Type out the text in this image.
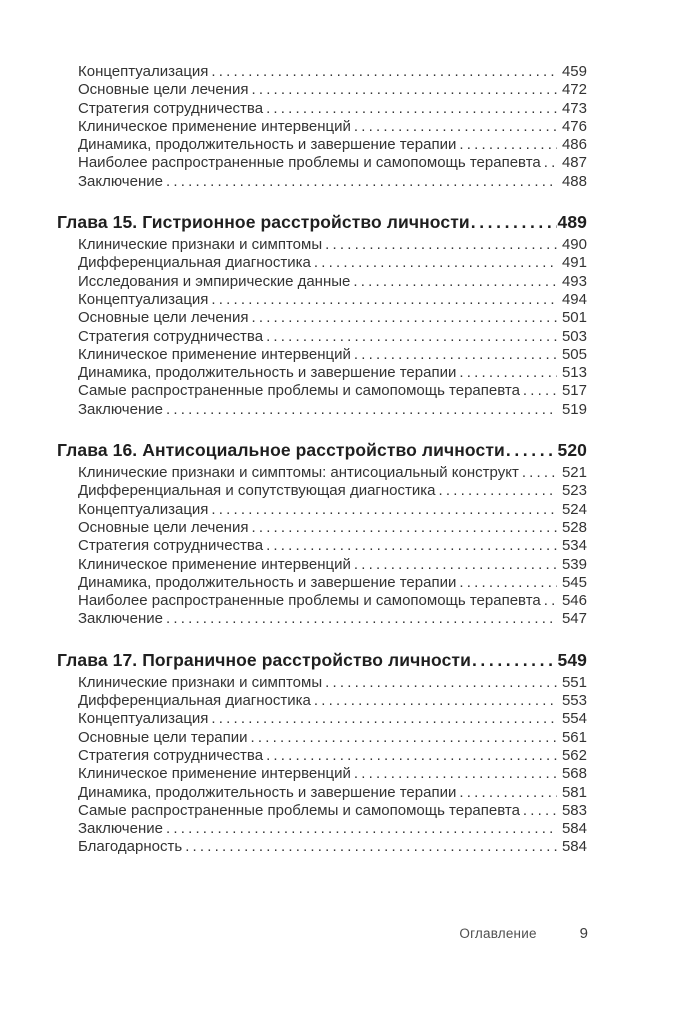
Концептуализация .....	459
Основные цели лечения .....	472
Стратегия сотрудничества .....	473
Клиническое применение интервенций .....	476
Динамика, продолжительность и завершение терапии .....	486
Наиболее распространенные проблемы и самопомощь терапевта ..... 487
Заключение .....	488
Глава 15. Гистрионное расстройство личности .....	489
Клинические признаки и симптомы .....	490
Дифференциальная диагностика .....	491
Исследования и эмпирические данные .....	493
Концептуализация .....	494
Основные цели лечения .....	501
Стратегия сотрудничества .....	503
Клиническое применение интервенций .....	505
Динамика, продолжительность и завершение терапии .....	513
Самые распространенные проблемы и самопомощь терапевта .....	517
Заключение .....	519
Глава 16. Антисоциальное расстройство личности .....	520
Клинические признаки и симптомы: антисоциальный конструкт .....	521
Дифференциальная и сопутствующая диагностика .....	523
Концептуализация .....	524
Основные цели лечения .....	528
Стратегия сотрудничества .....	534
Клиническое применение интервенций .....	539
Динамика, продолжительность и завершение терапии .....	545
Наиболее распространенные проблемы и самопомощь терапевта ..... 546
Заключение .....	547
Глава 17. Пограничное расстройство личности .....	549
Клинические признаки и симптомы .....	551
Дифференциальная диагностика .....	553
Концептуализация .....	554
Основные цели терапии .....	561
Стратегия сотрудничества .....	562
Клиническое применение интервенций .....	568
Динамика, продолжительность и завершение терапии .....	581
Самые распространенные проблемы и самопомощь терапевта .....	583
Заключение .....	584
Благодарность .....	584
Оглавление	9
